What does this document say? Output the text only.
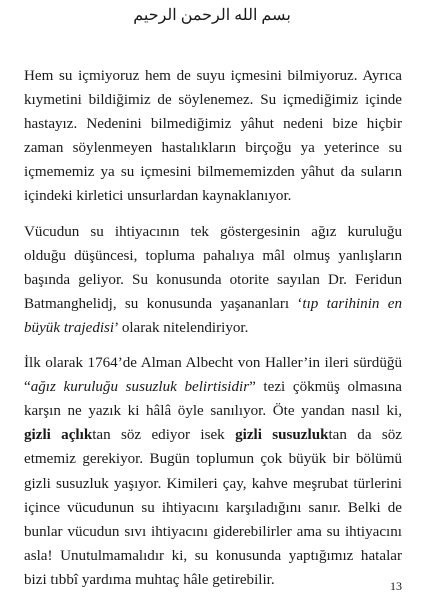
بسم الله الرحمن الرحيم

Hem su içmiyoruz hem de suyu içmesini bilmiyoruz. Ayrıca kıymetini bildiğimiz de söylenemez. Su içmediğimiz içinde hastayız. Nedenini bilmediğimiz yâhut nedeni bize hiçbir zaman söylenmeyen hastalıkların birçoğu ya yeterince su içmememiz ya su içmesini bilmememizden yâhut da suların içindeki kirletici unsurlardan kaynaklanıyor.

Vücudun su ihtiyacının tek göstergesinin ağız kuruluğu olduğu düşüncesi, topluma pahalıya mâl olmuş yanlışların başında geliyor. Su konusunda otorite sayılan Dr. Feridun Batmanghelidj, su konusunda yaşananları ‘tıp tarihinin en büyük trajedisi’ olarak nitelendiriyor.

İlk olarak 1764’de Alman Albecht von Haller’in ileri sürdüğü “ağız kuruluğu susuzluk belirtisidir” tezi çökmüş olmasına karşın ne yazık ki hâlâ öyle sanılıyor. Öte yandan nasıl ki, gizli açlıktan söz ediyor isek gizli susuzluktan da söz etmemiz gerekiyor. Bugün toplumun çok büyük bir bölümü gizli susuzluk yaşıyor. Kimileri çay, kahve meşrubat türlerini içince vücudunun su ihtiyacını karşıladığını sanır. Belki de bunlar vücudun sıvı ihtiyacını giderebilirler ama su ihtiyacını asla! Unutulmamalıdır ki, su konusunda yaptığımız hatalar bizi tıbbî yardıma muhtaç hâle getirebilir.	13
